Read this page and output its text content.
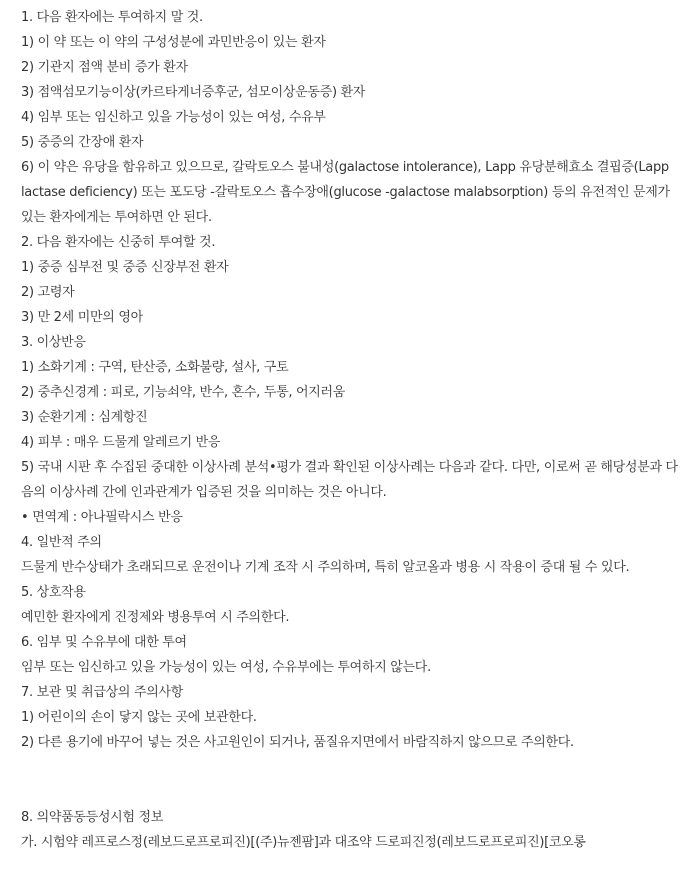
1. 다음 환자에는 투여하지 말 것.
1) 이 약 또는 이 약의 구성성분에 과민반응이 있는 환자
2) 기관지 점액 분비 증가 환자
3) 점액섬모기능이상(카르타게너증후군, 섬모이상운동증) 환자
4) 임부 또는 임신하고 있을 가능성이 있는 여성, 수유부
5) 중증의 간장애 환자
6) 이 약은 유당을 함유하고 있으므로, 갈락토오스 불내성(galactose intolerance), Lapp 유당분해효소 결핍증(Lapp lactase deficiency) 또는 포도당 -갈락토오스 흡수장애(glucose -galactose malabsorption) 등의 유전적인 문제가 있는 환자에게는 투여하면 안 된다.
2. 다음 환자에는 신중히 투여할 것.
1) 중증 심부전 및 중증 신장부전 환자
2) 고령자
3) 만 2세 미만의 영아
3. 이상반응
1) 소화기계 : 구역, 탄산증, 소화불량, 설사, 구토
2) 중추신경계 : 피로, 기능쇠약, 반수, 혼수, 두통, 어지러움
3) 순환기계 : 심계항진
4) 피부 : 매우 드물게 알레르기 반응
5) 국내 시판 후 수집된 중대한 이상사례 분석•평가 결과 확인된 이상사례는 다음과 같다. 다만, 이로써 곧 해당성분과 다음의 이상사례 간에 인과관계가 입증된 것을 의미하는 것은 아니다.
• 면역계 : 아나필락시스 반응
4. 일반적 주의
드물게 반수상태가 초래되므로 운전이나 기계 조작 시 주의하며, 특히 알코올과 병용 시 작용이 증대 될 수 있다.
5. 상호작용
예민한 환자에게 진정제와 병용투여 시 주의한다.
6. 임부 및 수유부에 대한 투여
임부 또는 임신하고 있을 가능성이 있는 여성, 수유부에는 투여하지 않는다.
7. 보관 및 취급상의 주의사항
1) 어린이의 손이 닿지 않는 곳에 보관한다.
2) 다른 용기에 바꾸어 넣는 것은 사고원인이 되거나, 품질유지면에서 바람직하지 않으므로 주의한다.
8. 의약품동등성시험 정보
가. 시험약 레프로스정(레보드로프로피진)[(주)뉴젠팜]과 대조약 드로피진정(레보드로프로피진)[코오롱
